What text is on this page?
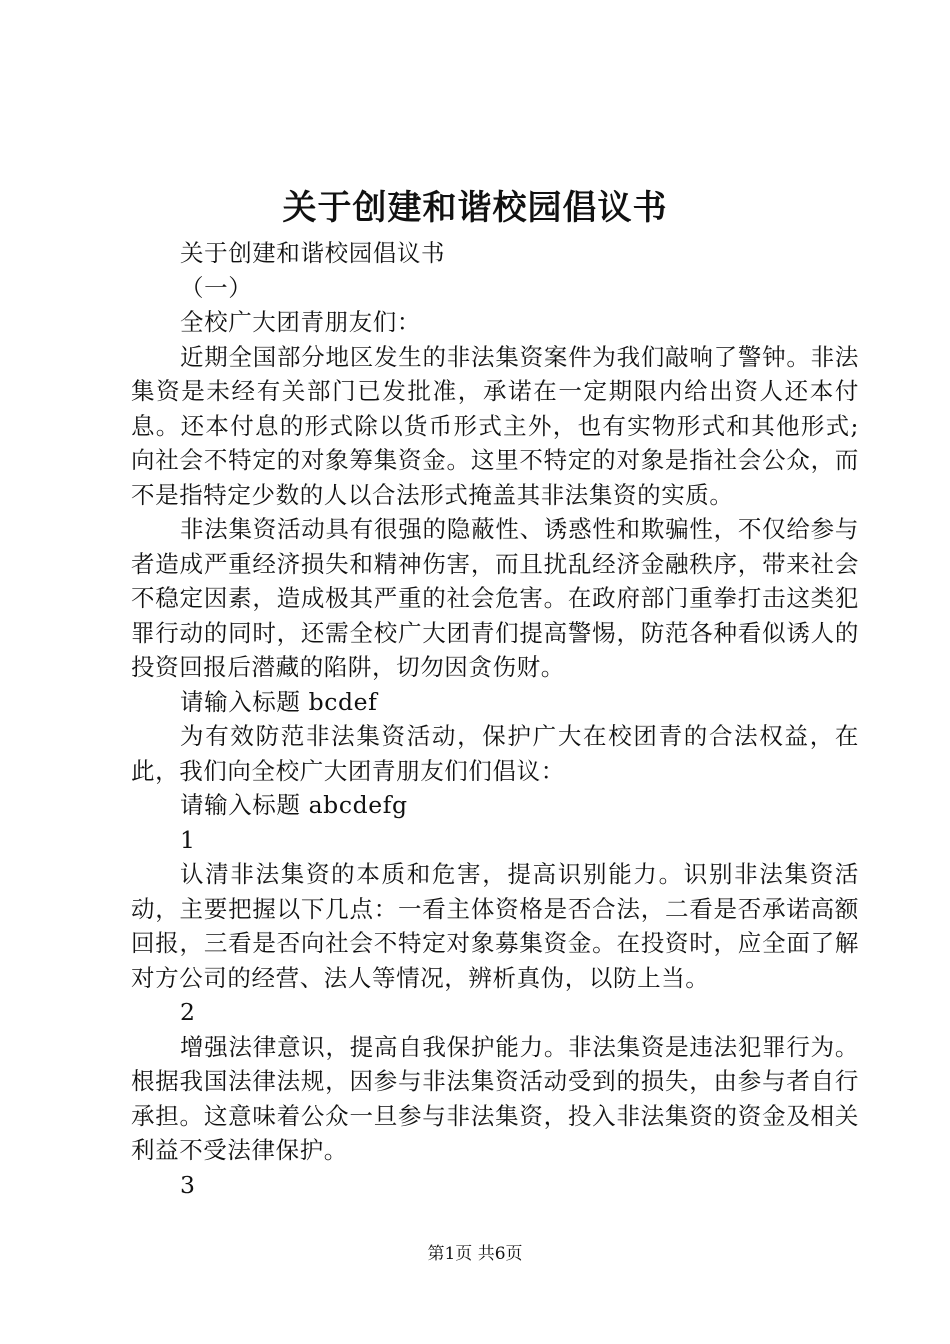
关于创建和谐校园倡议书

关于创建和谐校园倡议书

（一）

全校广大团青朋友们：

近期全国部分地区发生的非法集资案件为我们敲响了警钟。非法集资是未经有关部门已发批准，承诺在一定期限内给出资人还本付息。还本付息的形式除以货币形式主外，也有实物形式和其他形式;向社会不特定的对象筹集资金。这里不特定的对象是指社会公众，而不是指特定少数的人以合法形式掩盖其非法集资的实质。

非法集资活动具有很强的隐蔽性、诱惑性和欺骗性，不仅给参与者造成严重经济损失和精神伤害，而且扰乱经济金融秩序，带来社会不稳定因素，造成极其严重的社会危害。在政府部门重拳打击这类犯罪行动的同时，还需全校广大团青们提高警惕，防范各种看似诱人的投资回报后潜藏的陷阱，切勿因贪伤财。

请输入标题 bcdef

为有效防范非法集资活动，保护广大在校团青的合法权益，在此，我们向全校广大团青朋友们们倡议：

请输入标题 abcdefg

1

认清非法集资的本质和危害，提高识别能力。识别非法集资活动，主要把握以下几点：一看主体资格是否合法，二看是否承诺高额回报，三看是否向社会不特定对象募集资金。在投资时，应全面了解对方公司的经营、法人等情况，辨析真伪，以防上当。

2

增强法律意识，提高自我保护能力。非法集资是违法犯罪行为。根据我国法律法规，因参与非法集资活动受到的损失，由参与者自行承担。这意味着公众一旦参与非法集资，投入非法集资的资金及相关利益不受法律保护。

3

第1页 共6页
